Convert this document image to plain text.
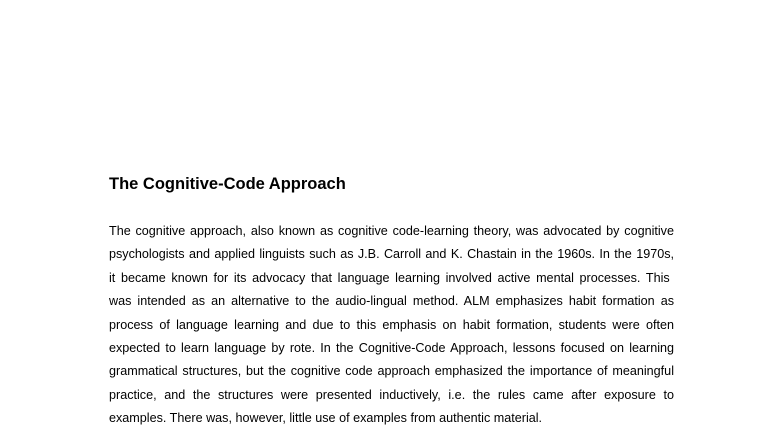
The Cognitive-Code Approach
The cognitive approach, also known as cognitive code-learning theory, was advocated by cognitive
psychologists and applied linguists such as J.B. Carroll and K. Chastain in the 1960s. In the 1970s,
it became known for its advocacy that language learning involved active mental processes. This
was intended as an alternative to the audio-lingual method. ALM emphasizes habit formation as
process of language learning and due to this emphasis on habit formation, students were often
expected to learn language by rote. In the Cognitive-Code Approach, lessons focused on learning
grammatical structures, but the cognitive code approach emphasized the importance of meaningful
practice, and the structures were presented inductively, i.e. the rules came after exposure to
examples. There was, however, little use of examples from authentic material.
